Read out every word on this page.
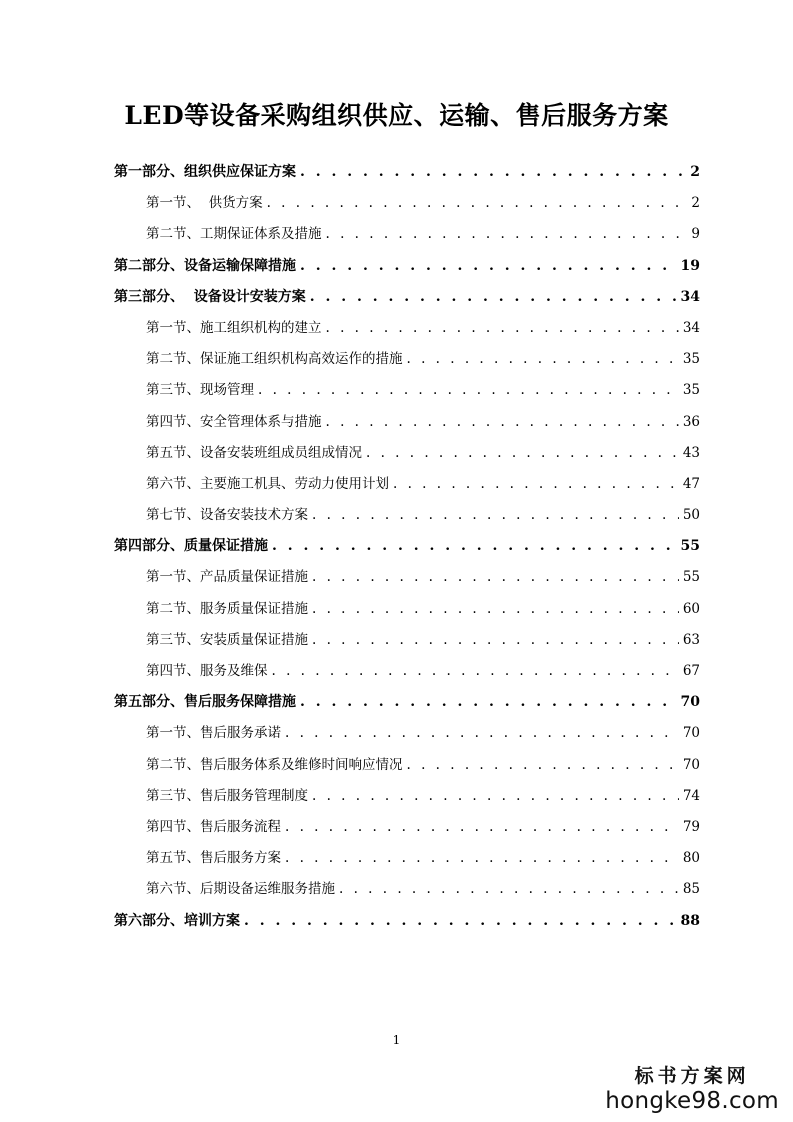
LED等设备采购组织供应、运输、售后服务方案
第一部分、组织供应保证方案 . . .	2
第一节、  供货方案 . . .	2
第二节、工期保证体系及措施 . . .	9
第二部分、设备运输保障措施 . . .	19
第三部分、  设备设计安装方案 . . .	34
第一节、施工组织机构的建立 . . .	34
第二节、保证施工组织机构高效运作的措施 . . .	35
第三节、现场管理 . . .	35
第四节、安全管理体系与措施 . . .	36
第五节、设备安装班组成员组成情况 . . .	43
第六节、主要施工机具、劳动力使用计划 . . .	47
第七节、设备安装技术方案 . . .	50
第四部分、质量保证措施 . . .	55
第一节、产品质量保证措施 . . .	55
第二节、服务质量保证措施 . . .	60
第三节、安装质量保证措施 . . .	63
第四节、服务及维保 . . .	67
第五部分、售后服务保障措施 . . .	70
第一节、售后服务承诺 . . .	70
第二节、售后服务体系及维修时间响应情况 . . .	70
第三节、售后服务管理制度 . . .	74
第四节、售后服务流程 . . .	79
第五节、售后服务方案 . . .	80
第六节、后期设备运维服务措施 . . .	85
第六部分、培训方案 . . .	88
1
标书方案网
hongke98.com
